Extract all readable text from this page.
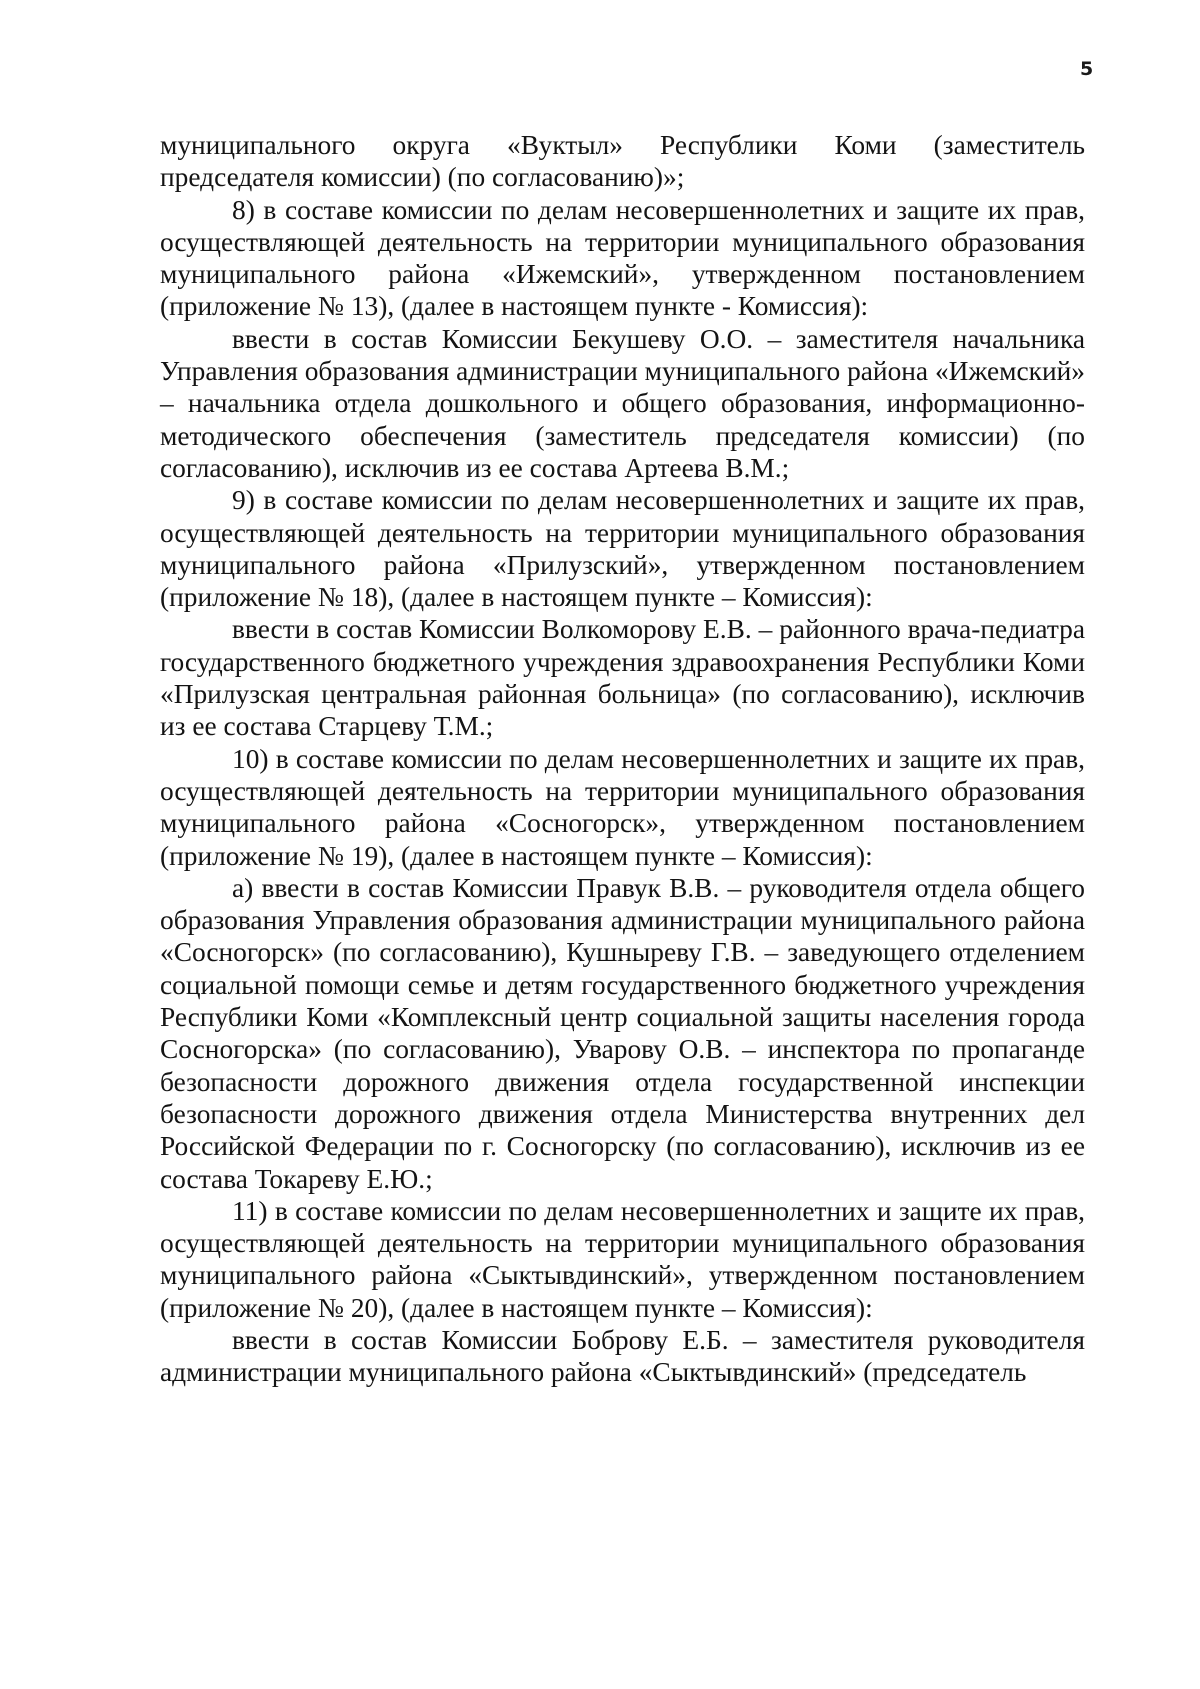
5

муниципального округа «Вуктыл» Республики Коми (заместитель председателя комиссии) (по согласованию)»;

8) в составе комиссии по делам несовершеннолетних и защите их прав, осуществляющей деятельность на территории муниципального образования муниципального района «Ижемский», утвержденном постановлением (приложение № 13), (далее в настоящем пункте - Комиссия):

ввести в состав Комиссии Бекушеву О.О. – заместителя начальника Управления образования администрации муниципального района «Ижемский» – начальника отдела дошкольного и общего образования, информационно-методического обеспечения (заместитель председателя комиссии) (по согласованию), исключив из ее состава Артеева В.М.;

9) в составе комиссии по делам несовершеннолетних и защите их прав, осуществляющей деятельность на территории муниципального образования муниципального района «Прилузский», утвержденном постановлением (приложение № 18), (далее в настоящем пункте – Комиссия):

ввести в состав Комиссии Волкоморову Е.В. – районного врача-педиатра государственного бюджетного учреждения здравоохранения Республики Коми «Прилузская центральная районная больница» (по согласованию), исключив из ее состава Старцеву Т.М.;

10) в составе комиссии по делам несовершеннолетних и защите их прав, осуществляющей деятельность на территории муниципального образования муниципального района «Сосногорск», утвержденном постановлением (приложение № 19), (далее в настоящем пункте – Комиссия):

а) ввести в состав Комиссии Правук В.В. – руководителя отдела общего образования Управления образования администрации муниципального района «Сосногорск» (по согласованию), Кушныреву Г.В. – заведующего отделением социальной помощи семье и детям государственного бюджетного учреждения Республики Коми «Комплексный центр социальной защиты населения города Сосногорска» (по согласованию), Уварову О.В. – инспектора по пропаганде безопасности дорожного движения отдела государственной инспекции безопасности дорожного движения отдела Министерства внутренних дел Российской Федерации по г. Сосногорску (по согласованию), исключив из ее состава Токареву Е.Ю.;

11) в составе комиссии по делам несовершеннолетних и защите их прав, осуществляющей деятельность на территории муниципального образования муниципального района «Сыктывдинский», утвержденном постановлением (приложение № 20), (далее в настоящем пункте – Комиссия):

ввести в состав Комиссии Боброву Е.Б. – заместителя руководителя администрации муниципального района «Сыктывдинский» (председатель
